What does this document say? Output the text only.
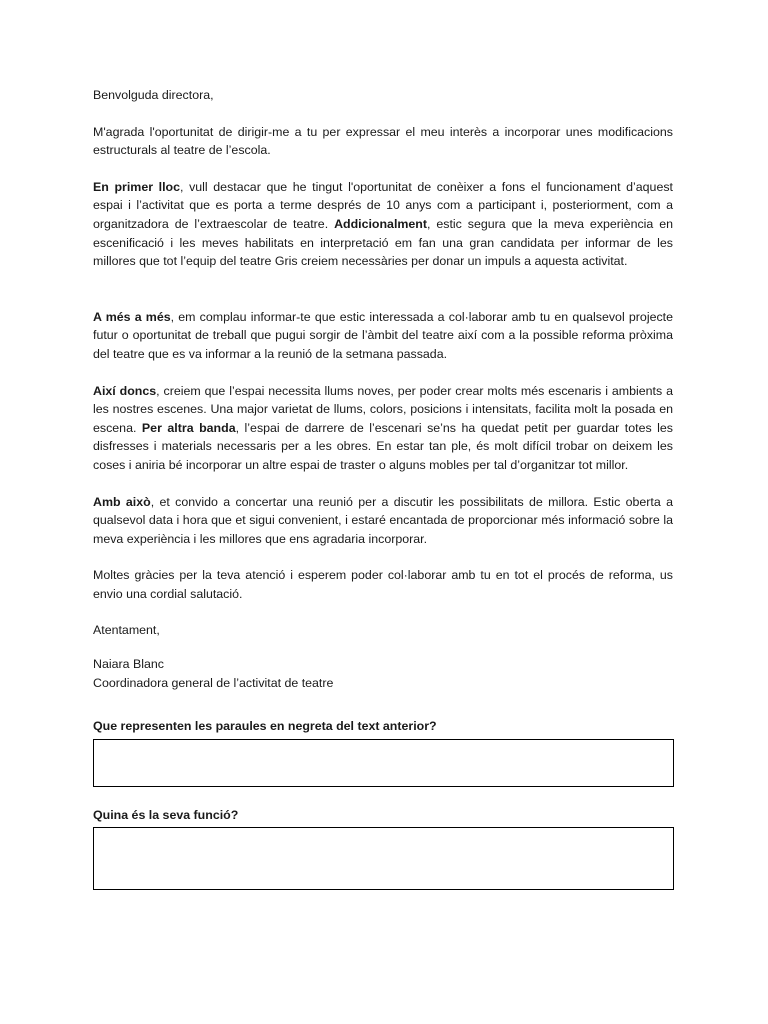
Benvolguda directora,

M'agrada l'oportunitat de dirigir-me a tu per expressar el meu interès a incorporar unes modificacions estructurals al teatre de l’escola.

En primer lloc, vull destacar que he tingut l'oportunitat de conèixer a fons el funcionament d’aquest espai i l’activitat que es porta a terme després de 10 anys com a participant i, posteriorment, com a organitzadora de l’extraescolar de teatre. Addicionalment, estic segura que la meva experiència en escenificació i les meves habilitats en interpretació em fan una gran candidata per informar de les millores que tot l’equip del teatre Gris creiem necessàries per donar un impuls a aquesta activitat.

A més a més, em complau informar-te que estic interessada a col·laborar amb tu en qualsevol projecte futur o oportunitat de treball que pugui sorgir de l’àmbit del teatre així com a la possible reforma pròxima del teatre que es va informar a la reunió de la setmana passada.

Així doncs, creiem que l’espai necessita llums noves, per poder crear molts més escenaris i ambients a les nostres escenes. Una major varietat de llums, colors, posicions i intensitats, facilita molt la posada en escena. Per altra banda, l’espai de darrere de l’escenari se’ns ha quedat petit per guardar totes les disfresses i materials necessaris per a les obres. En estar tan ple, és molt difícil trobar on deixem les coses i aniria bé incorporar un altre espai de traster o alguns mobles per tal d’organitzar tot millor.

Amb això, et convido a concertar una reunió per a discutir les possibilitats de millora. Estic oberta a qualsevol data i hora que et sigui convenient, i estaré encantada de proporcionar més informació sobre la meva experiència i les millores que ens agradaria incorporar.

Moltes gràcies per la teva atenció i esperem poder col·laborar amb tu en tot el procés de reforma, us envio una cordial salutació.

Atentament,

Naiara Blanc

Coordinadora general de l’activitat de teatre

Que representen les paraules en negreta del text anterior?

Quina és la seva funció?
